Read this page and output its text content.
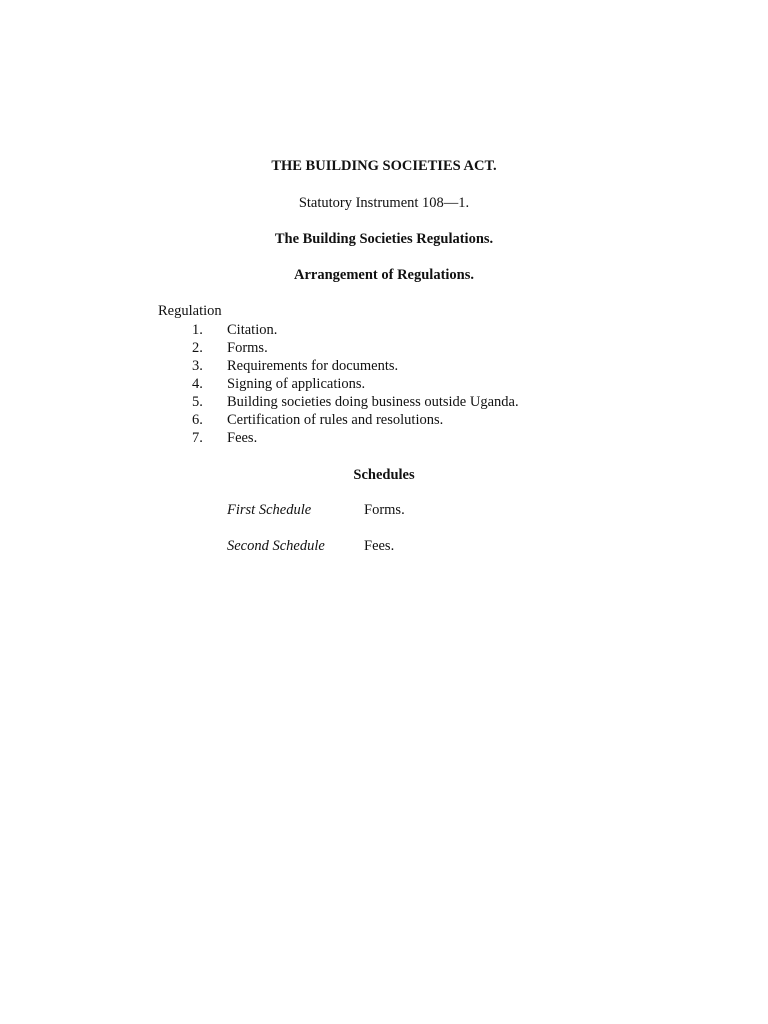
THE BUILDING SOCIETIES ACT.
Statutory Instrument 108—1.
The Building Societies Regulations.
Arrangement of Regulations.
Regulation
1. Citation.
2. Forms.
3. Requirements for documents.
4. Signing of applications.
5. Building societies doing business outside Uganda.
6. Certification of rules and resolutions.
7. Fees.
Schedules
First Schedule	Forms.
Second Schedule	Fees.
